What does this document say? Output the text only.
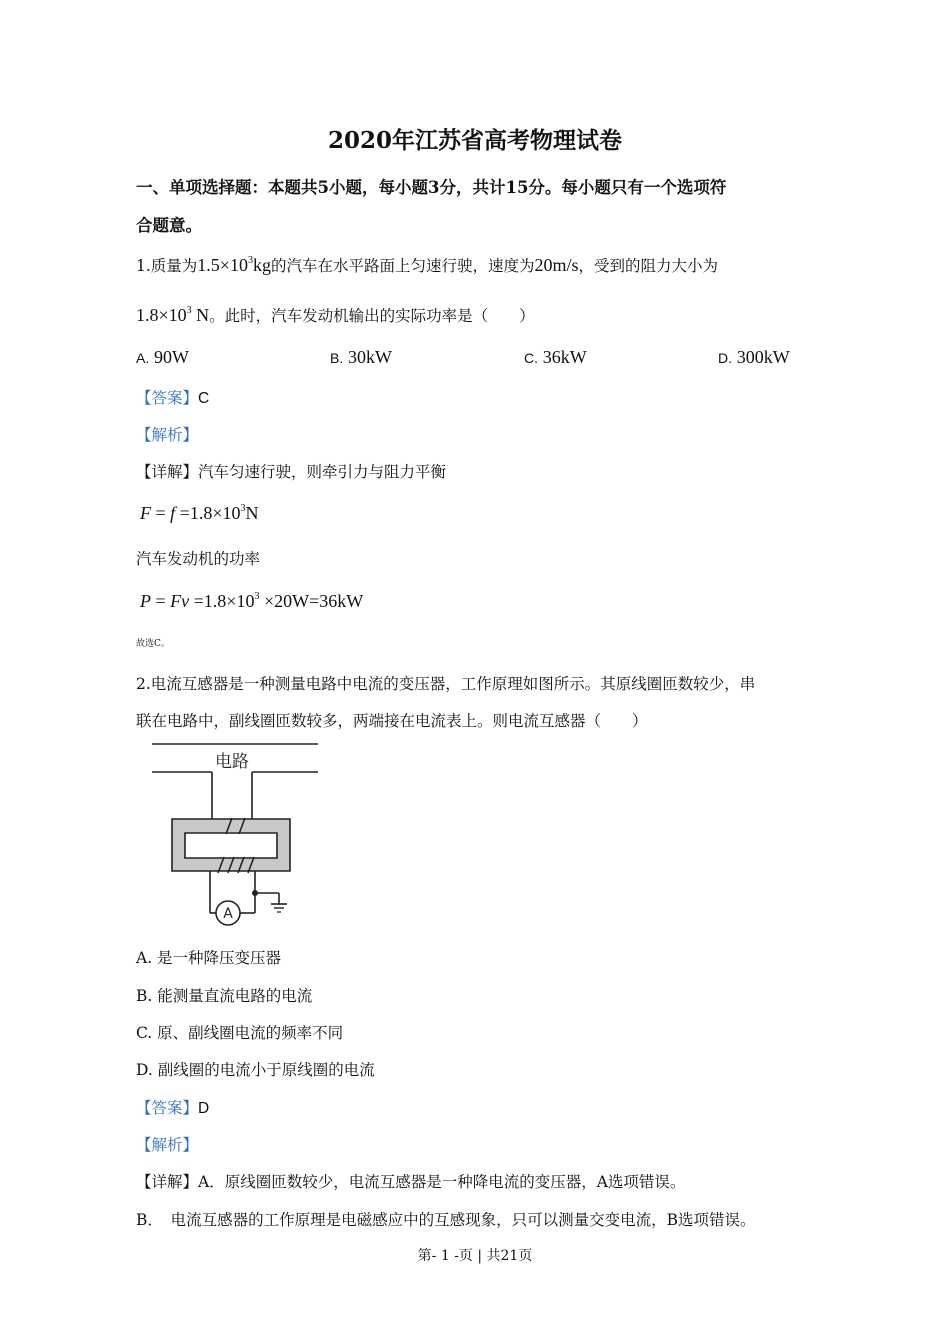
2020年江苏省高考物理试卷
一、单项选择题：本题共5小题，每小题3分，共计15分。每小题只有一个选项符
合题意。
1.质量为$1.5\times 10^3kg$的汽车在水平路面上匀速行驶，速度为20m/s，受到的阻力大小为
$1.8\times 10^3$ N。此时，汽车发动机输出的实际功率是（　　）
A. 90W	B. 30kW	C. 36kW	D. 300kW
【答案】C
【解析】
【详解】汽车匀速行驶，则牵引力与阻力平衡
$F = f =1.8\times 10^3N$
汽车发动机的功率
$P = Fv =1.8\times 10^3 \times 20W=36kW$
故选C。
2.电流互感器是一种测量电路中电流的变压器，工作原理如图所示。其原线圈匝数较少，串
联在电路中，副线圈匝数较多，两端接在电流表上。则电流互感器（　　）
电路
A
A. 是一种降压变压器
B. 能测量直流电路的电流
C. 原、副线圈电流的频率不同
D. 副线圈的电流小于原线圈的电流
【答案】D
【解析】
【详解】A．原线圈匝数较少，电流互感器是一种降电流的变压器，A选项错误。
B．　电流互感器的工作原理是电磁感应中的互感现象，只可以测量交变电流，B选项错误。
第- 1 -页 | 共21页
